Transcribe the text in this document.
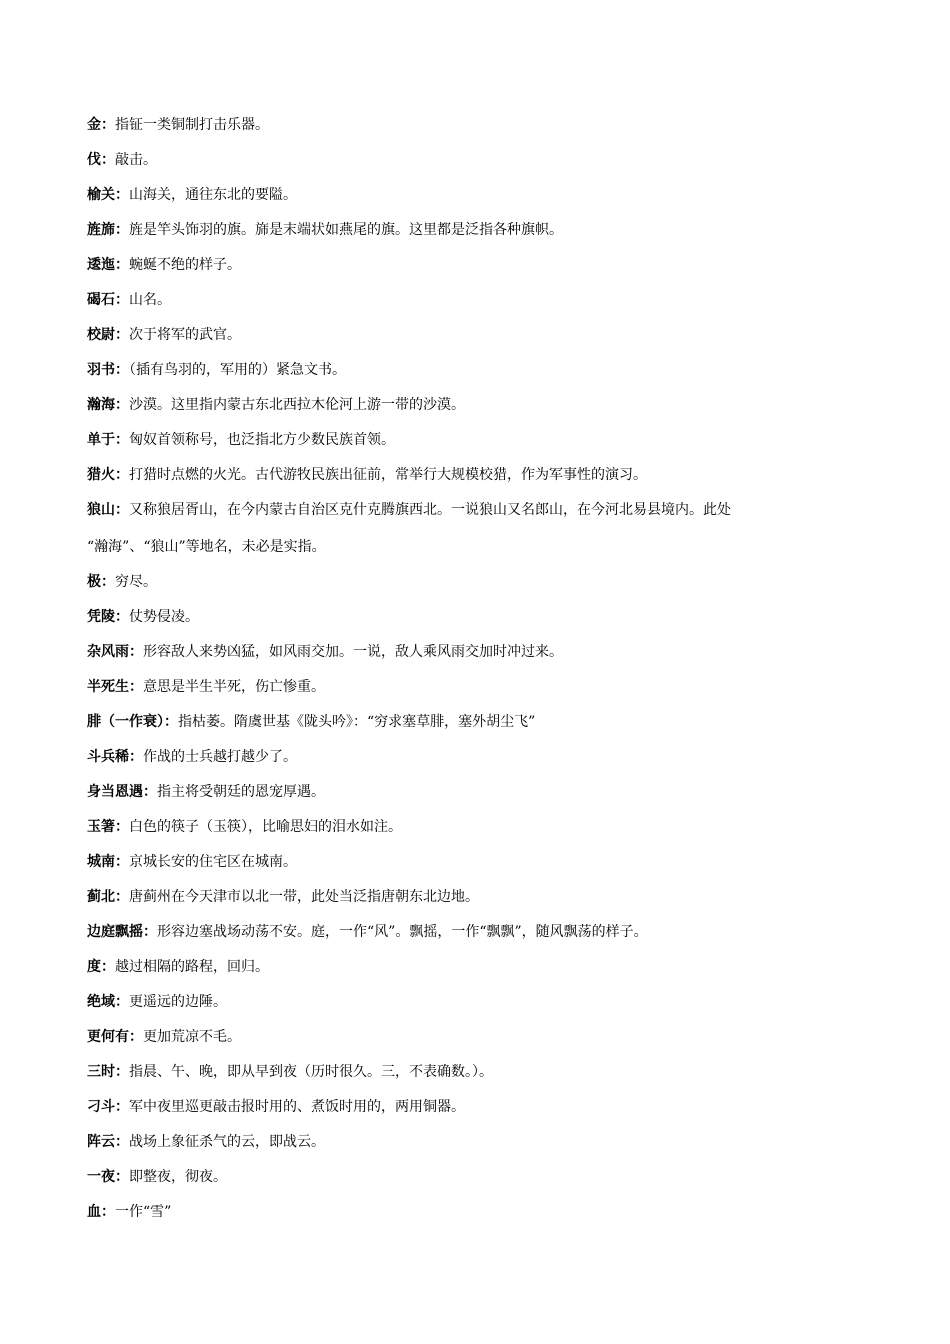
金：指钲一类铜制打击乐器。

伐：敲击。

榆关：山海关，通往东北的要隘。

旌旆：旌是竿头饰羽的旗。旆是末端状如燕尾的旗。这里都是泛指各种旗帜。

逶迤：蜿蜒不绝的样子。

碣石：山名。

校尉：次于将军的武官。

羽书：（插有鸟羽的，军用的）紧急文书。

瀚海：沙漠。这里指内蒙古东北西拉木伦河上游一带的沙漠。

单于：匈奴首领称号，也泛指北方少数民族首领。

猎火：打猎时点燃的火光。古代游牧民族出征前，常举行大规模校猎，作为军事性的演习。

狼山：又称狼居胥山，在今内蒙古自治区克什克腾旗西北。一说狼山又名郎山，在今河北易县境内。此处
“瀚海”、“狼山”等地名，未必是实指。

极：穷尽。

凭陵：仗势侵凌。

杂风雨：形容敌人来势凶猛，如风雨交加。一说，敌人乘风雨交加时冲过来。

半死生：意思是半生半死，伤亡惨重。

腓（一作衰）：指枯萎。隋虞世基《陇头吟》：“穷求塞草腓，塞外胡尘飞”

斗兵稀：作战的士兵越打越少了。

身当恩遇：指主将受朝廷的恩宠厚遇。

玉箸：白色的筷子（玉筷），比喻思妇的泪水如注。

城南：京城长安的住宅区在城南。

蓟北：唐蓟州在今天津市以北一带，此处当泛指唐朝东北边地。

边庭飘摇：形容边塞战场动荡不安。庭，一作“风”。飘摇，一作“飘飘”，随风飘荡的样子。

度：越过相隔的路程，回归。

绝域：更遥远的边陲。

更何有：更加荒凉不毛。

三时：指晨、午、晚，即从早到夜（历时很久。三，不表确数。）。

刁斗：军中夜里巡更敲击报时用的、煮饭时用的，两用铜器。

阵云：战场上象征杀气的云，即战云。

一夜：即整夜，彻夜。

血：一作“雪”
